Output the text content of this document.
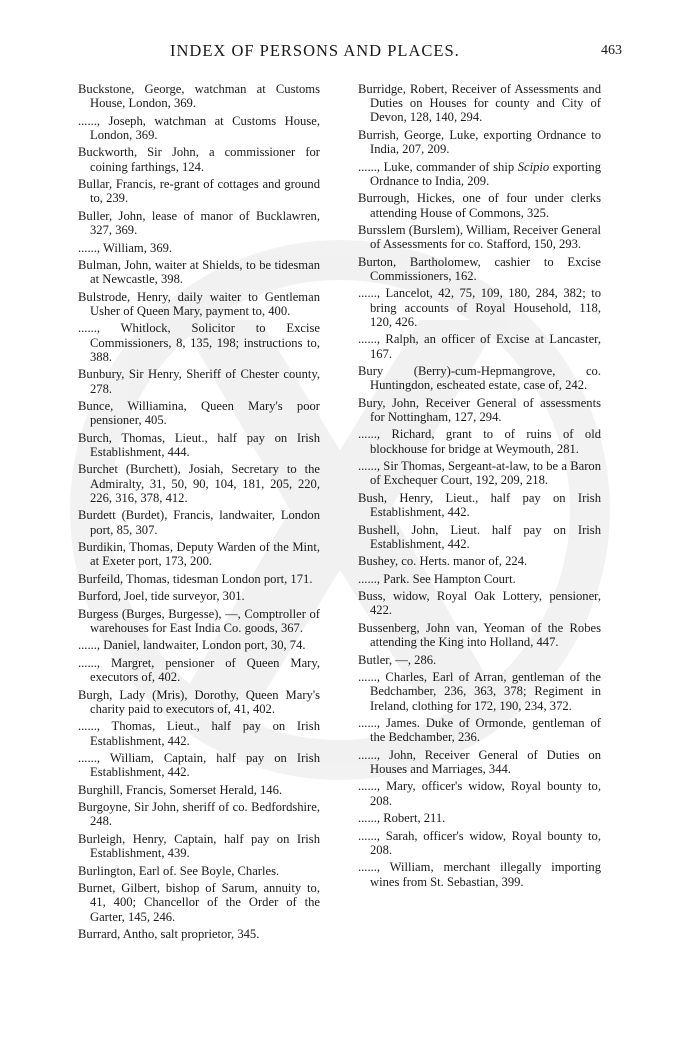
INDEX OF PERSONS AND PLACES.	463

Buckstone, George, watchman at Customs House, London, 369.

......, Joseph, watchman at Customs House, London, 369.

Buckworth, Sir John, a commissioner for coining farthings, 124.

Bullar, Francis, re-grant of cottages and ground to, 239.

Buller, John, lease of manor of Bucklawren, 327, 369.

......, William, 369.

Bulman, John, waiter at Shields, to be tidesman at Newcastle, 398.

Bulstrode, Henry, daily waiter to Gentleman Usher of Queen Mary, payment to, 400.

......, Whitlock, Solicitor to Excise Commissioners, 8, 135, 198; instructions to, 388.

Bunbury, Sir Henry, Sheriff of Chester county, 278.

Bunce, Williamina, Queen Mary's poor pensioner, 405.

Burch, Thomas, Lieut., half pay on Irish Establishment, 444.

Burchet (Burchett), Josiah, Secretary to the Admiralty, 31, 50, 90, 104, 181, 205, 220, 226, 316, 378, 412.

Burdett (Burdet), Francis, landwaiter, London port, 85, 307.

Burdikin, Thomas, Deputy Warden of the Mint, at Exeter port, 173, 200.

Burfeild, Thomas, tidesman London port, 171.

Burford, Joel, tide surveyor, 301.

Burgess (Burges, Burgesse), —, Comptroller of warehouses for East India Co. goods, 367.

......, Daniel, landwaiter, London port, 30, 74.

......, Margret, pensioner of Queen Mary, executors of, 402.

Burgh, Lady (Mris), Dorothy, Queen Mary's charity paid to executors of, 41, 402.

......, Thomas, Lieut., half pay on Irish Establishment, 442.

......, William, Captain, half pay on Irish Establishment, 442.

Burghill, Francis, Somerset Herald, 146.

Burgoyne, Sir John, sheriff of co. Bedfordshire, 248.

Burleigh, Henry, Captain, half pay on Irish Establishment, 439.

Burlington, Earl of. See Boyle, Charles.

Burnet, Gilbert, bishop of Sarum, annuity to, 41, 400; Chancellor of the Order of the Garter, 145, 246.

Burrard, Antho, salt proprietor, 345.

Burridge, Robert, Receiver of Assessments and Duties on Houses for county and City of Devon, 128, 140, 294.

Burrish, George, Luke, exporting Ordnance to India, 207, 209.

......, Luke, commander of ship Scipio exporting Ordnance to India, 209.

Burrough, Hickes, one of four under clerks attending House of Commons, 325.

Bursslem (Burslem), William, Receiver General of Assessments for co. Stafford, 150, 293.

Burton, Bartholomew, cashier to Excise Commissioners, 162.

......, Lancelot, 42, 75, 109, 180, 284, 382; to bring accounts of Royal Household, 118, 120, 426.

......, Ralph, an officer of Excise at Lancaster, 167.

Bury (Berry)-cum-Hepmangrove, co. Huntingdon, escheated estate, case of, 242.

Bury, John, Receiver General of assessments for Nottingham, 127, 294.

......, Richard, grant to of ruins of old blockhouse for bridge at Weymouth, 281.

......, Sir Thomas, Sergeant-at-law, to be a Baron of Exchequer Court, 192, 209, 218.

Bush, Henry, Lieut., half pay on Irish Establishment, 442.

Bushell, John, Lieut. half pay on Irish Establishment, 442.

Bushey, co. Herts. manor of, 224.

......, Park. See Hampton Court.

Buss, widow, Royal Oak Lottery, pensioner, 422.

Bussenberg, John van, Yeoman of the Robes attending the King into Holland, 447.

Butler, —, 286.

......, Charles, Earl of Arran, gentleman of the Bedchamber, 236, 363, 378; Regiment in Ireland, clothing for 172, 190, 234, 372.

......, James. Duke of Ormonde, gentleman of the Bedchamber, 236.

......, John, Receiver General of Duties on Houses and Marriages, 344.

......, Mary, officer's widow, Royal bounty to, 208.

......, Robert, 211.

......, Sarah, officer's widow, Royal bounty to, 208.

......, William, merchant illegally importing wines from St. Sebastian, 399.
